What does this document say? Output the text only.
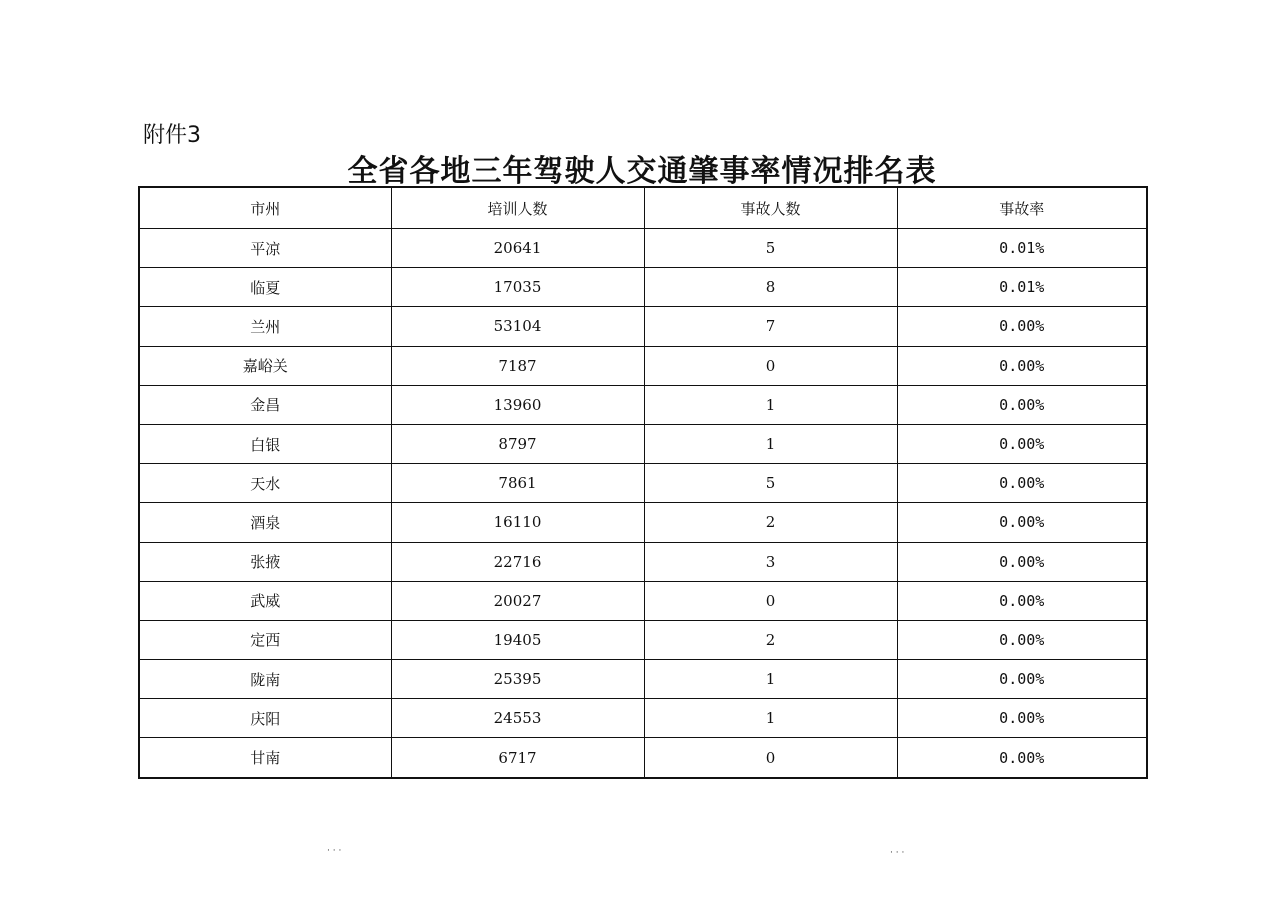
附件3
全省各地三年驾驶人交通肇事率情况排名表
市州	培训人数	事故人数	事故率
平凉	20641	5	0.01%
临夏	17035	8	0.01%
兰州	53104	7	0.00%
嘉峪关	7187	0	0.00%
金昌	13960	1	0.00%
白银	8797	1	0.00%
天水	7861	5	0.00%
酒泉	16110	2	0.00%
张掖	22716	3	0.00%
武威	20027	0	0.00%
定西	19405	2	0.00%
陇南	25395	1	0.00%
庆阳	24553	1	0.00%
甘南	6717	0	0.00%
· · ·	· · ·
